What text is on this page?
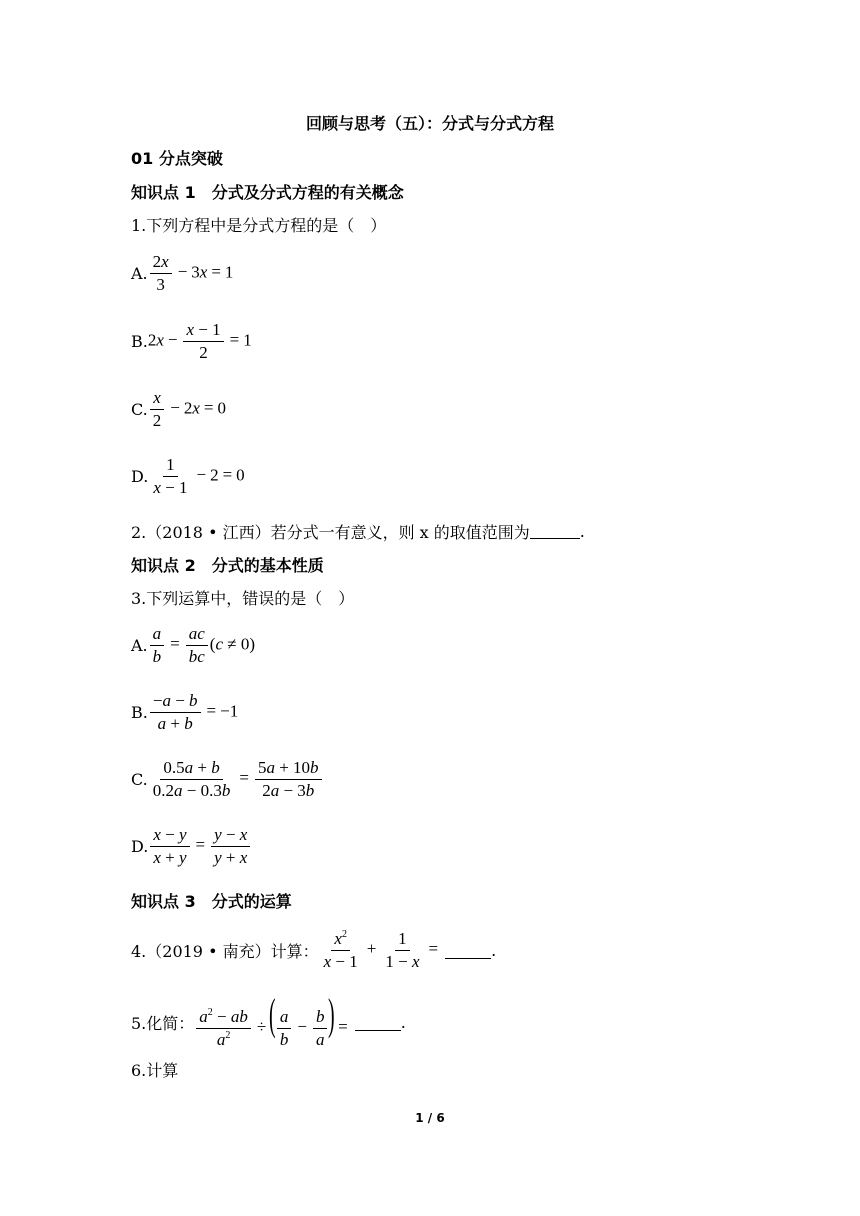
回顾与思考（五）：分式与分式方程
01 分点突破
知识点 1　分式及分式方程的有关概念
1.下列方程中是分式方程的是（　）
A. $\frac{2x}{3} - 3x = 1$
B. $2x - \frac{x - 1}{2} = 1$
C. $\frac{x}{2} - 2x = 0$
D. $\frac{1}{x - 1} - 2 = 0$
2.（2018 • 江西）若分式一有意义，则 x 的取值范围为	.
知识点 2　分式的基本性质
3.下列运算中，错误的是（　）
A. $\frac{a}{b} = \frac{ac}{bc} (c \ne 0)$
B. $\frac{-a - b}{a + b} = -1$
C. $\frac{0.5a + b}{0.2a - 0.3b} = \frac{5a + 10b}{2a - 3b}$
D. $\frac{x - y}{x + y} = \frac{y - x}{y + x}$
知识点 3　分式的运算
4.（2019 • 南充）计算： $\frac{x^2}{x - 1} + \frac{1}{1 - x}$ =	.
5.化简： $\frac{a^2 - ab}{a^2}$ ÷( $\frac{a}{b} - \frac{b}{a}$ ) =	.
6.计算
1 / 6
